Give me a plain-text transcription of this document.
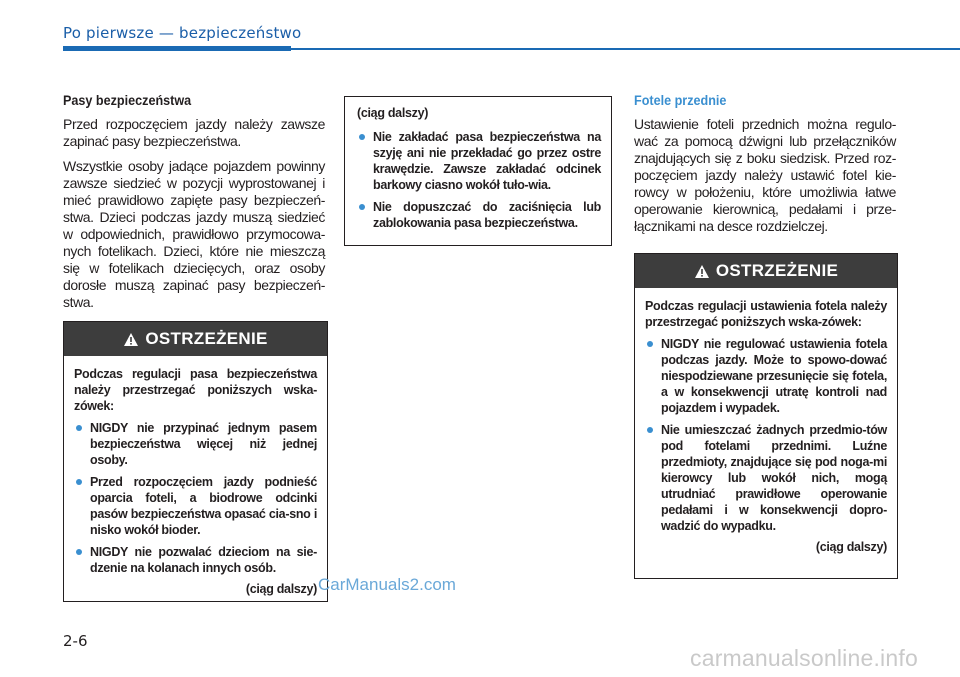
Po pierwsze — bezpieczeństwo
Pasy bezpieczeństwa

Przed rozpoczęciem jazdy należy zawsze zapinać pasy bezpieczeństwa.

Wszystkie osoby jadące pojazdem powinny zawsze siedzieć w pozycji wyprostowanej i mieć prawidłowo zapięte pasy bezpieczeń-stwa. Dzieci podczas jazdy muszą siedzieć w odpowiednich, prawidłowo przymocowa-nych fotelikach. Dzieci, które nie mieszczą się w fotelikach dziecięcych, oraz osoby dorosłe muszą zapinać pasy bezpieczeń-stwa.

OSTRZEŻENIE

Podczas regulacji pasa bezpieczeństwa należy przestrzegać poniższych wska-zówek:

NIGDY nie przypinać jednym pasem bezpieczeństwa więcej niż jednej osoby.
Przed rozpoczęciem jazdy podnieść oparcia foteli, a biodrowe odcinki pasów bezpieczeństwa opasać cia-sno i nisko wokół bioder.
NIGDY nie pozwalać dzieciom na sie-dzenie na kolanach innych osób.
(ciąg dalszy)
(ciąg dalszy)
Nie zakładać pasa bezpieczeństwa na szyję ani nie przekładać go przez ostre krawędzie. Zawsze zakładać odcinek barkowy ciasno wokół tuło-wia.
Nie dopuszczać do zaciśnięcia lub zablokowania pasa bezpieczeństwa.
Fotele przednie

Ustawienie foteli przednich można regulo-wać za pomocą dźwigni lub przełączników znajdujących się z boku siedzisk. Przed roz-poczęciem jazdy należy ustawić fotel kie-rowcy w położeniu, które umożliwia łatwe operowanie kierownicą, pedałami i prze-łącznikami na desce rozdzielczej.

OSTRZEŻENIE

Podczas regulacji ustawienia fotela należy przestrzegać poniższych wska-zówek:

NIGDY nie regulować ustawienia fotela podczas jazdy. Może to spowo-dować niespodziewane przesunięcie się fotela, a w konsekwencji utratę kontroli nad pojazdem i wypadek.
Nie umieszczać żadnych przedmio-tów pod fotelami przednimi. Luźne przedmioty, znajdujące się pod noga-mi kierowcy lub wokół nich, mogą utrudniać prawidłowe operowanie pedałami i w konsekwencji dopro-wadzić do wypadku.
(ciąg dalszy)
CarManuals2.com
2-6
carmanualsonline.info
